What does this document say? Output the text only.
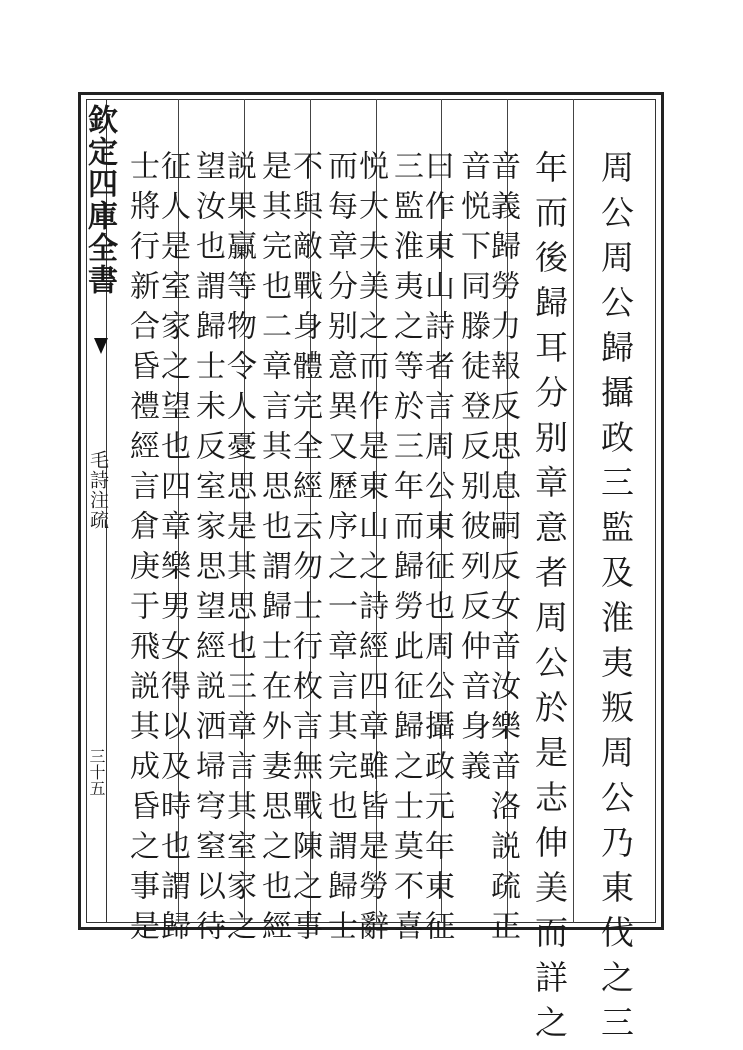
欽定四庫全書
毛詩注疏
三十五	周公周公歸攝政三監及淮夷叛周公乃東伐之三
年而後歸耳分别章意者周公於是志伸美而詳之
音義歸勞力報反思息嗣反女音汝樂音洛説疏正
音悦下同滕徒登反别彼列反仲音身義
曰作東山詩者言周公東征也周公攝政元年東征
三監淮夷之等於三年而歸勞此征歸之士莫不喜
悦大夫美之而作是東山之詩經四章雖皆是勞辭
而每章分别意異又歷序之一章言其完也謂歸士
不與敵戰身體完全經云勿士行枚言無戰陳之事
是其完也二章言其思也謂歸士在外妻思之也經
説果臝等物令人憂思是其思也三章言其室家之
望汝也謂歸士未反室家思望經説洒埽穹窒以待
征人是室家之望也四章樂男女得以及時也謂歸
士將行新合昏禮經言倉庚于飛説其成昏之事是
